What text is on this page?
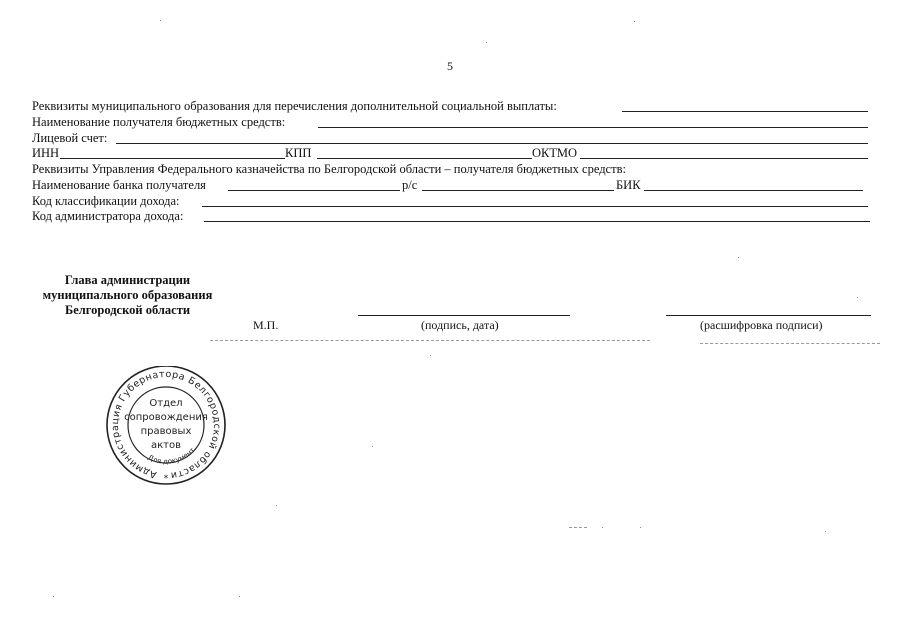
5
Реквизиты муниципального образования для перечисления дополнительной социальной выплаты:
Наименование получателя бюджетных средств:
Лицевой счет:
ИНН	КПП	ОКТМО
Реквизиты Управления Федерального казначейства по Белгородской области – получателя бюджетных средств:
Наименование банка получателя	р/с	БИК
Код классификации дохода:
Код администратора дохода:
Глава администрации
муниципального образования
Белгородской области
М.П.	(подпись, дата)	(расшифровка подписи)
Администрация Губернатора Белгородской области
Для документ
Отдел
сопровождения
правовых
актов
*
